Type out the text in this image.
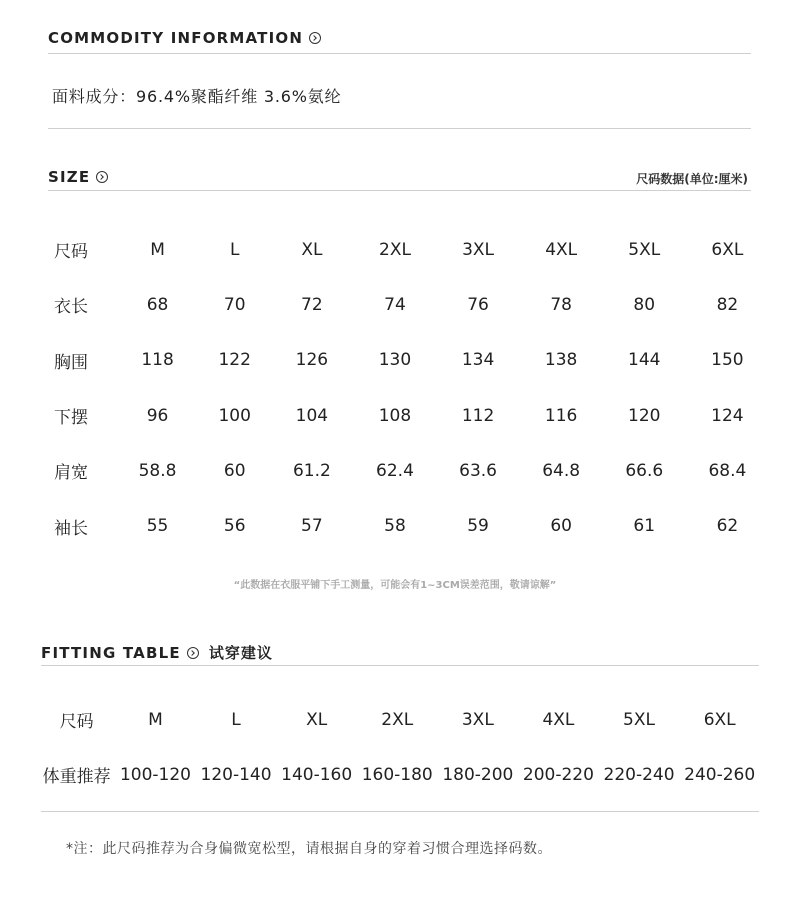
COMMODITY INFORMATION
面料成分：96.4%聚酯纤维 3.6%氨纶
SIZE	尺码数据(单位:厘米)
尺码	M	L	XL	2XL	3XL	4XL	5XL	6XL
衣长	68	70	72	74	76	78	80	82
胸围	118	122	126	130	134	138	144	150
下摆	96	100	104	108	112	116	120	124
肩宽	58.8	60	61.2	62.4	63.6	64.8	66.6	68.4
袖长	55	56	57	58	59	60	61	62
“此数据在衣服平铺下手工测量，可能会有1~3CM误差范围，敬请谅解”
FITTING TABLE 试穿建议
尺码	M	L	XL	2XL	3XL	4XL	5XL	6XL
体重推荐	100-120	120-140	140-160	160-180	180-200	200-220	220-240	240-260
*注：此尺码推荐为合身偏微宽松型，请根据自身的穿着习惯合理选择码数。
